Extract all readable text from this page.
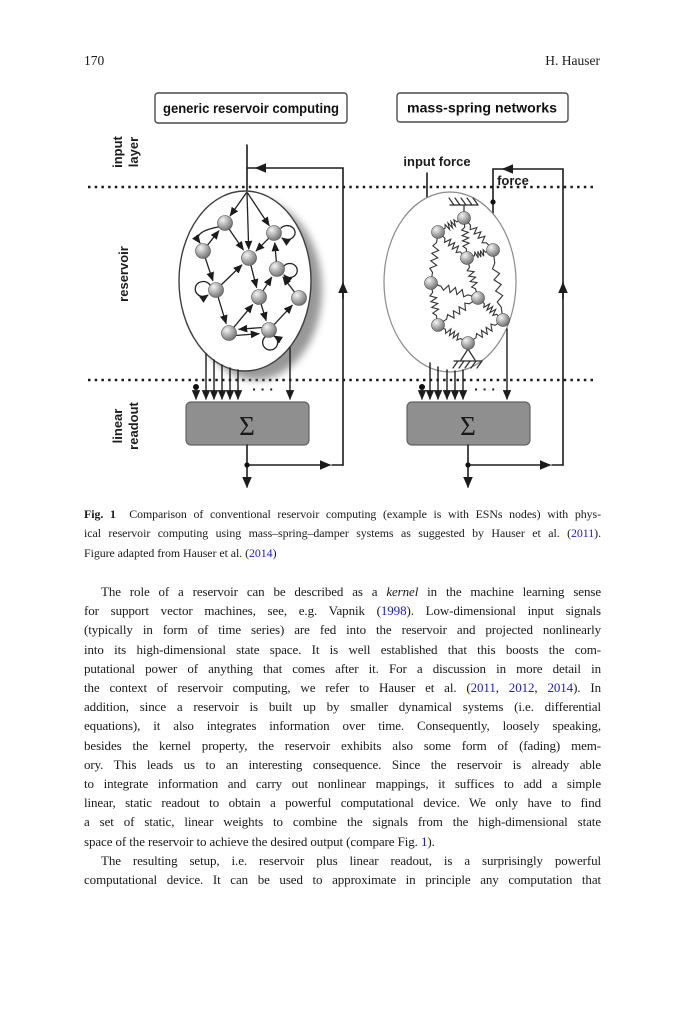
170	H. Hauser
generic reservoir computing	mass-spring networks
input layer
reservoir
linear readout
· · ·
Σ
input force
force
· · ·
Σ
Fig. 1  Comparison of conventional reservoir computing (example is with ESNs nodes) with phys-
ical reservoir computing using mass–spring–damper systems as suggested by Hauser et al. (2011).
Figure adapted from Hauser et al. (2014)
The role of a reservoir can be described as a kernel in the machine learning sense
for support vector machines, see, e.g. Vapnik (1998). Low-dimensional input signals
(typically in form of time series) are fed into the reservoir and projected nonlinearly
into its high-dimensional state space. It is well established that this boosts the com-
putational power of anything that comes after it. For a discussion in more detail in
the context of reservoir computing, we refer to Hauser et al. (2011, 2012, 2014). In
addition, since a reservoir is built up by smaller dynamical systems (i.e. differential
equations), it also integrates information over time. Consequently, loosely speaking,
besides the kernel property, the reservoir exhibits also some form of (fading) mem-
ory. This leads us to an interesting consequence. Since the reservoir is already able
to integrate information and carry out nonlinear mappings, it suffices to add a simple
linear, static readout to obtain a powerful computational device. We only have to find
a set of static, linear weights to combine the signals from the high-dimensional state
space of the reservoir to achieve the desired output (compare Fig. 1).
The resulting setup, i.e. reservoir plus linear readout, is a surprisingly powerful
computational device. It can be used to approximate in principle any computation that
